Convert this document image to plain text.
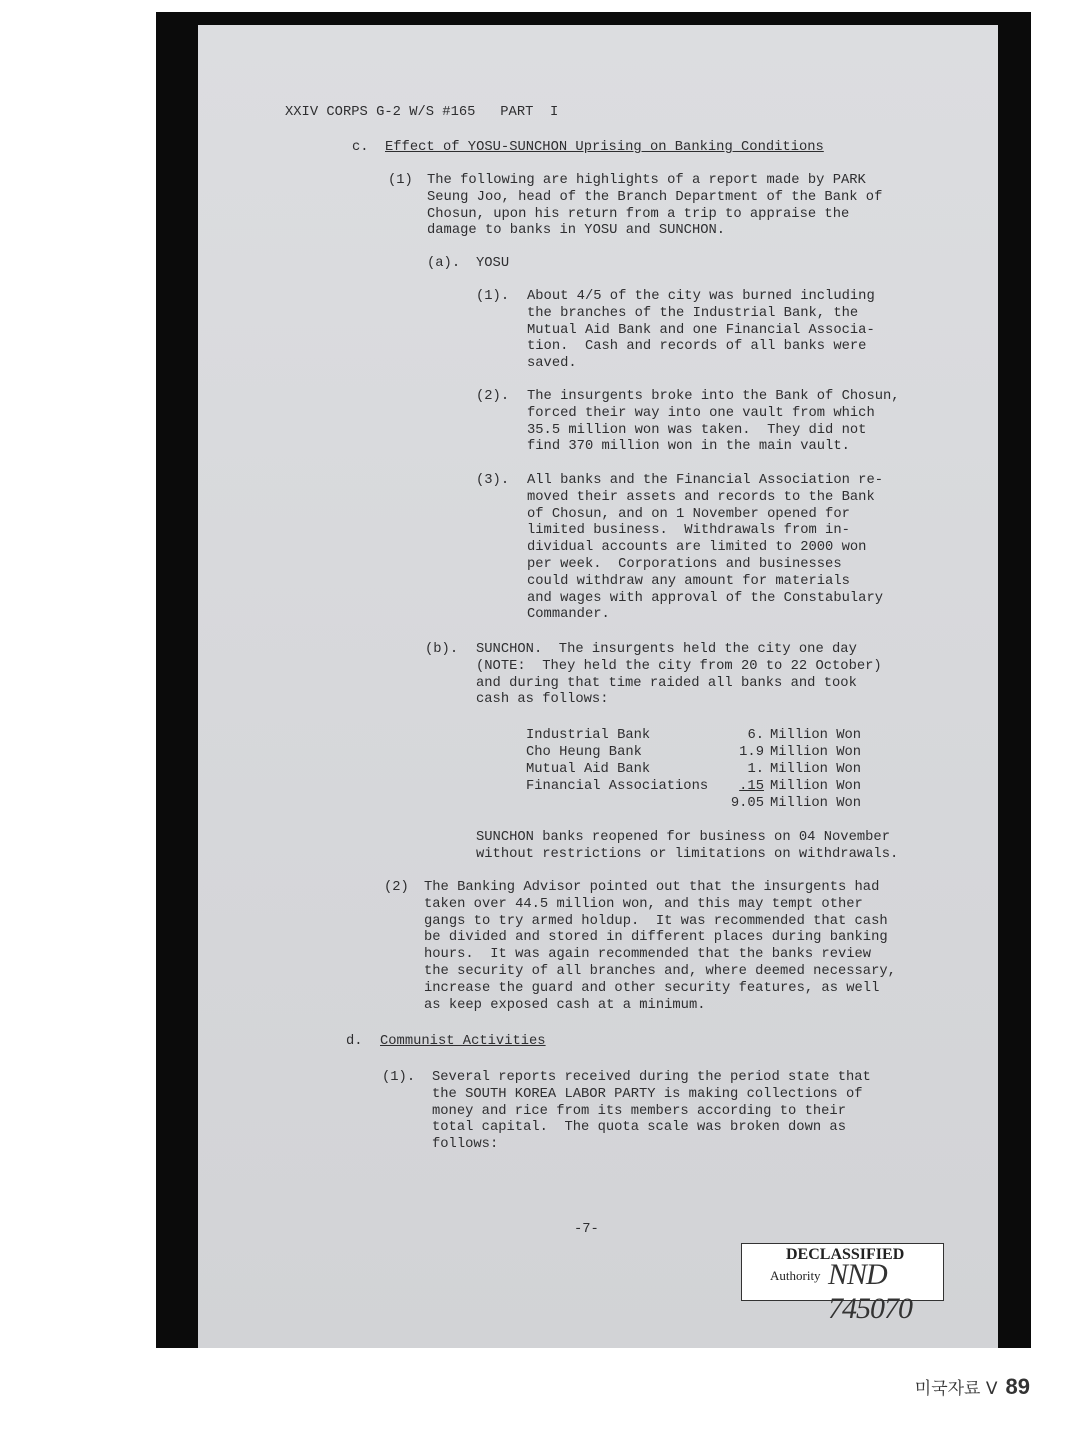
XXIV CORPS G-2 W/S #165   PART  I
c. Effect of YOSU-SUNCHON Uprising on Banking Conditions
(1) The following are highlights of a report made by PARK
Seung Joo, head of the Branch Department of the Bank of
Chosun, upon his return from a trip to appraise the
damage to banks in YOSU and SUNCHON.
(a). YOSU
(1). About 4/5 of the city was burned including
the branches of the Industrial Bank, the
Mutual Aid Bank and one Financial Associa-
tion.  Cash and records of all banks were
saved.
(2). The insurgents broke into the Bank of Chosun,
forced their way into one vault from which
35.5 million won was taken.  They did not
find 370 million won in the main vault.
(3). All banks and the Financial Association re-
moved their assets and records to the Bank
of Chosun, and on 1 November opened for
limited business.  Withdrawals from in-
dividual accounts are limited to 2000 won
per week.  Corporations and businesses
could withdraw any amount for materials
and wages with approval of the Constabulary
Commander.
(b). SUNCHON.  The insurgents held the city one day
(NOTE:  They held the city from 20 to 22 October)
and during that time raided all banks and took
cash as follows:
Industrial Bank	6. Million Won
Cho Heung Bank	1.9 Million Won
Mutual Aid Bank	1. Million Won
Financial Associations	.15 Million Won
9.05 Million Won
SUNCHON banks reopened for business on 04 November
without restrictions or limitations on withdrawals.
(2) The Banking Advisor pointed out that the insurgents had
taken over 44.5 million won, and this may tempt other
gangs to try armed holdup.  It was recommended that cash
be divided and stored in different places during banking
hours.  It was again recommended that the banks review
the security of all branches and, where deemed necessary,
increase the guard and other security features, as well
as keep exposed cash at a minimum.
d. Communist Activities
(1). Several reports received during the period state that
the SOUTH KOREA LABOR PARTY is making collections of
money and rice from its members according to their
total capital.  The quota scale was broken down as
follows:
-7-
DECLASSIFIED
Authority NND 745070
미국자료 V 89
